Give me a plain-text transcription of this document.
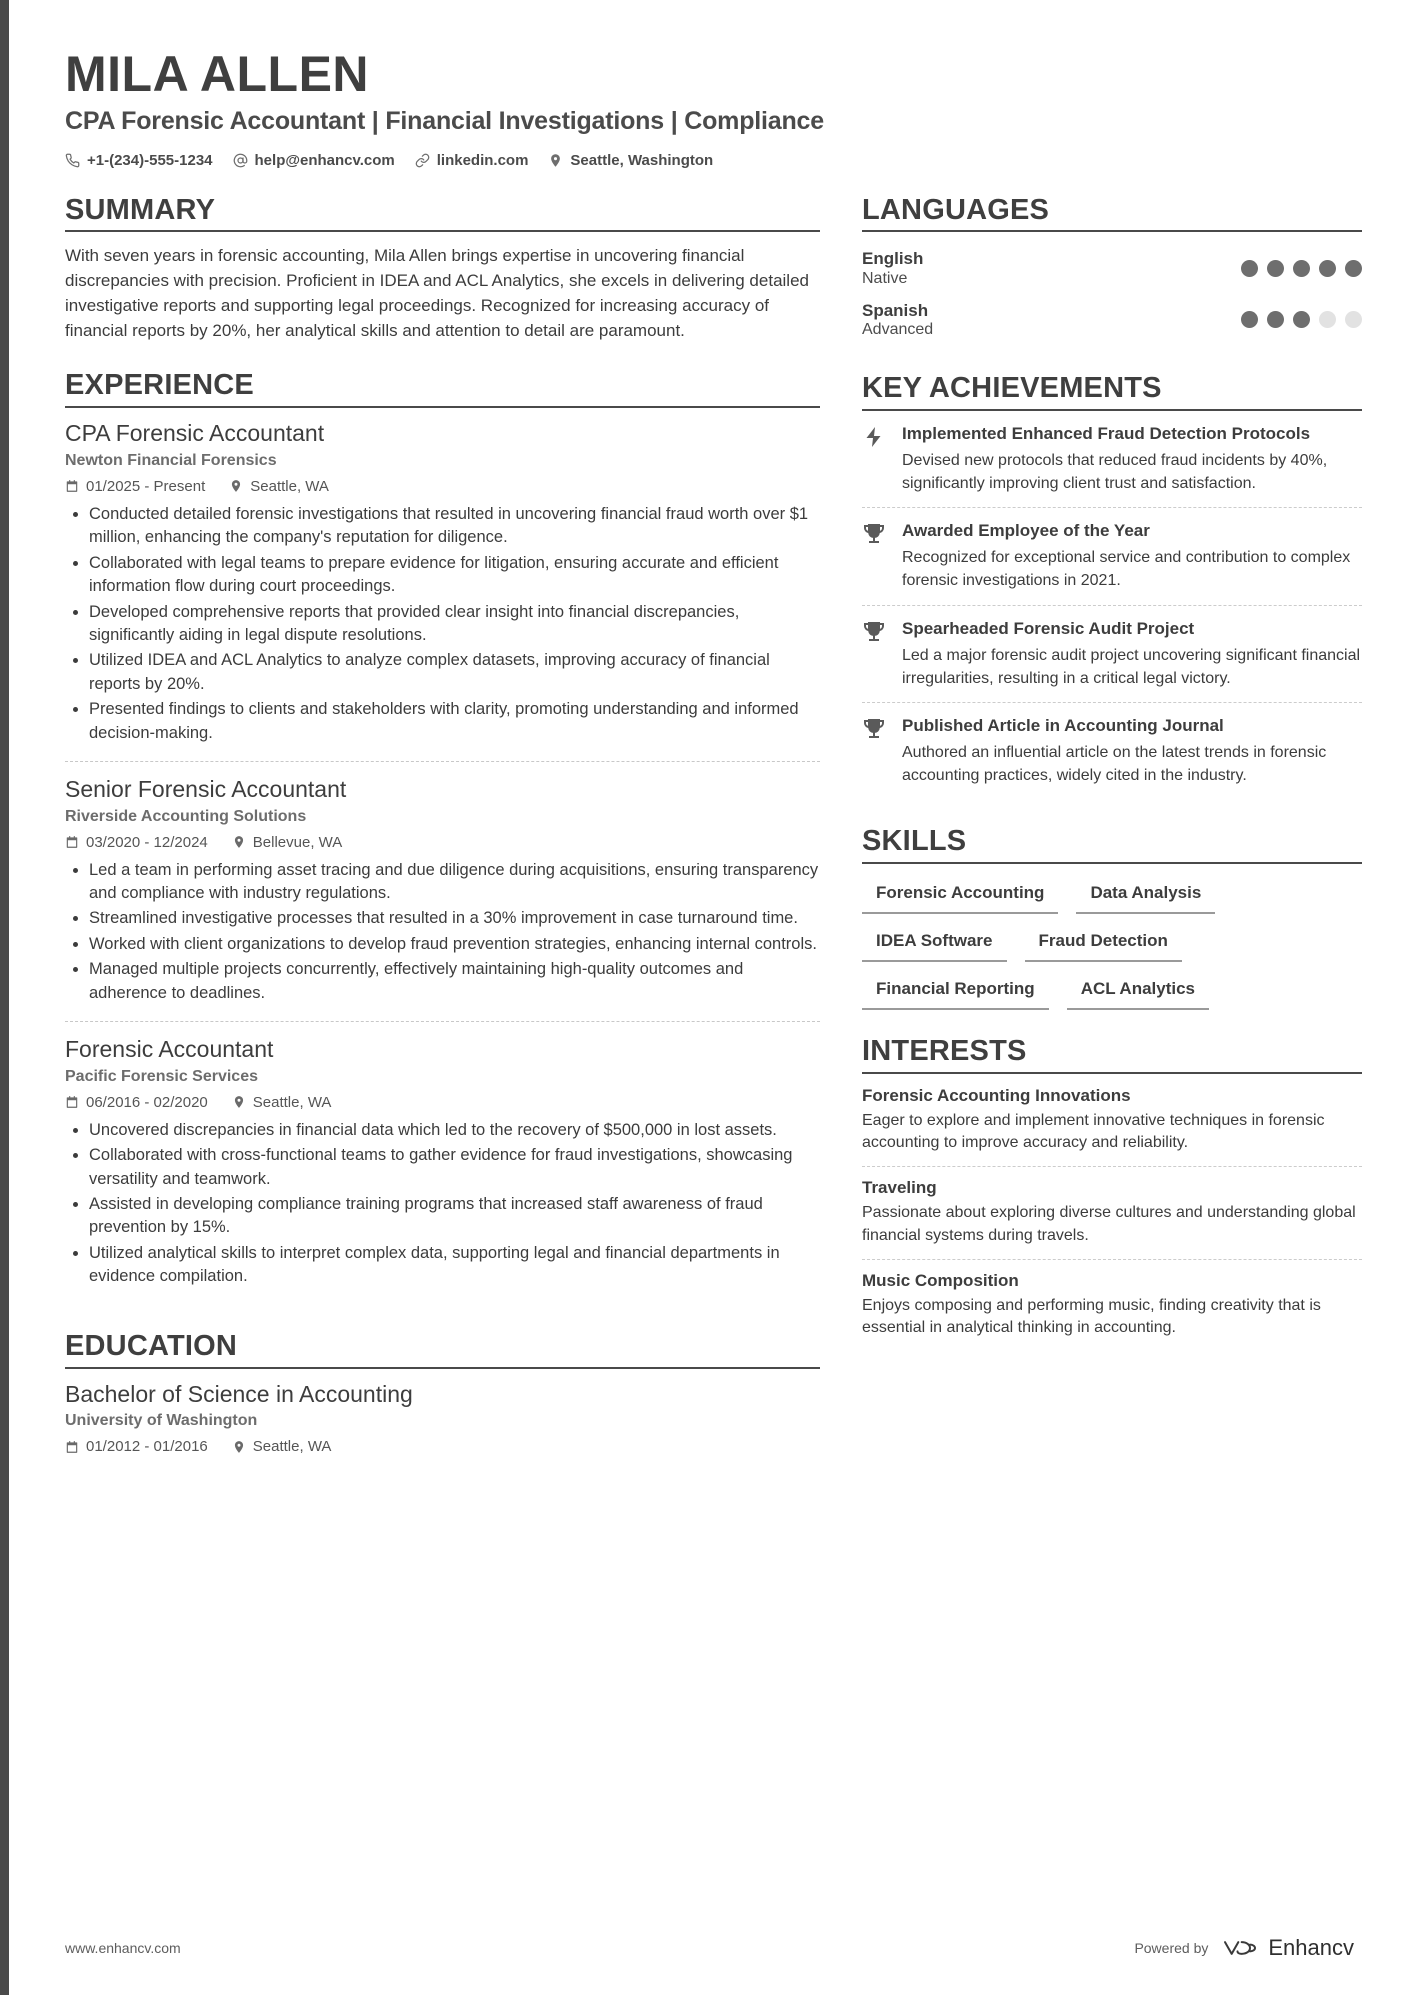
MILA ALLEN
CPA Forensic Accountant | Financial Investigations | Compliance
+1-(234)-555-1234	help@enhancv.com	linkedin.com	Seattle, Washington
SUMMARY
With seven years in forensic accounting, Mila Allen brings expertise in uncovering financial discrepancies with precision. Proficient in IDEA and ACL Analytics, she excels in delivering detailed investigative reports and supporting legal proceedings. Recognized for increasing accuracy of financial reports by 20%, her analytical skills and attention to detail are paramount.
EXPERIENCE
CPA Forensic Accountant
Newton Financial Forensics
01/2025 - Present	Seattle, WA
• Conducted detailed forensic investigations that resulted in uncovering financial fraud worth over $1 million, enhancing the company's reputation for diligence.
• Collaborated with legal teams to prepare evidence for litigation, ensuring accurate and efficient information flow during court proceedings.
• Developed comprehensive reports that provided clear insight into financial discrepancies, significantly aiding in legal dispute resolutions.
• Utilized IDEA and ACL Analytics to analyze complex datasets, improving accuracy of financial reports by 20%.
• Presented findings to clients and stakeholders with clarity, promoting understanding and informed decision-making.
Senior Forensic Accountant
Riverside Accounting Solutions
03/2020 - 12/2024	Bellevue, WA
• Led a team in performing asset tracing and due diligence during acquisitions, ensuring transparency and compliance with industry regulations.
• Streamlined investigative processes that resulted in a 30% improvement in case turnaround time.
• Worked with client organizations to develop fraud prevention strategies, enhancing internal controls.
• Managed multiple projects concurrently, effectively maintaining high-quality outcomes and adherence to deadlines.
Forensic Accountant
Pacific Forensic Services
06/2016 - 02/2020	Seattle, WA
• Uncovered discrepancies in financial data which led to the recovery of $500,000 in lost assets.
• Collaborated with cross-functional teams to gather evidence for fraud investigations, showcasing versatility and teamwork.
• Assisted in developing compliance training programs that increased staff awareness of fraud prevention by 15%.
• Utilized analytical skills to interpret complex data, supporting legal and financial departments in evidence compilation.
EDUCATION
Bachelor of Science in Accounting
University of Washington
01/2012 - 01/2016	Seattle, WA
LANGUAGES
English
Native
Spanish
Advanced
KEY ACHIEVEMENTS
Implemented Enhanced Fraud Detection Protocols
Devised new protocols that reduced fraud incidents by 40%, significantly improving client trust and satisfaction.
Awarded Employee of the Year
Recognized for exceptional service and contribution to complex forensic investigations in 2021.
Spearheaded Forensic Audit Project
Led a major forensic audit project uncovering significant financial irregularities, resulting in a critical legal victory.
Published Article in Accounting Journal
Authored an influential article on the latest trends in forensic accounting practices, widely cited in the industry.
SKILLS
Forensic Accounting	Data Analysis
IDEA Software	Fraud Detection
Financial Reporting	ACL Analytics
INTERESTS
Forensic Accounting Innovations
Eager to explore and implement innovative techniques in forensic accounting to improve accuracy and reliability.
Traveling
Passionate about exploring diverse cultures and understanding global financial systems during travels.
Music Composition
Enjoys composing and performing music, finding creativity that is essential in analytical thinking in accounting.
www.enhancv.com	Powered by	Enhancv
